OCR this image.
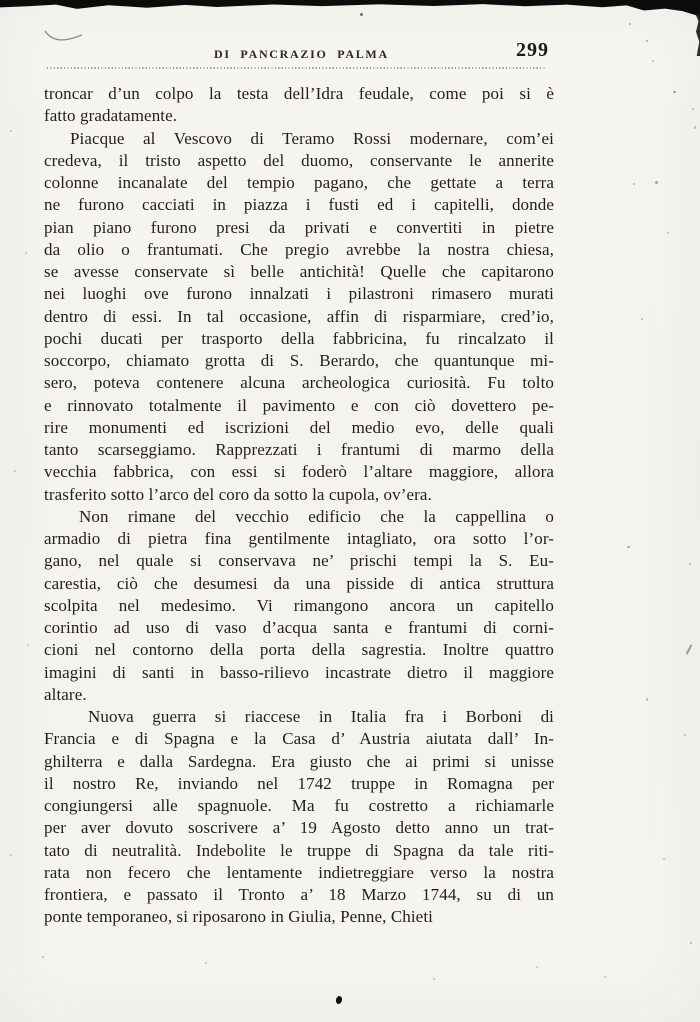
DI PANCRAZIO PALMA	299
troncar d’un colpo la testa dell’Idra feudale, come poi si è
fatto gradatamente.
Piacque al Vescovo di Teramo Rossi modernare, com’ei
credeva, il tristo aspetto del duomo, conservante le annerite
colonne incanalate del tempio pagano, che gettate a terra
ne furono cacciati in piazza i fusti ed i capitelli, donde
pian piano furono presi da privati e convertiti in pietre
da olio o frantumati. Che pregio avrebbe la nostra chiesa,
se avesse conservate sì belle antichità! Quelle che capitarono
nei luoghi ove furono innalzati i pilastroni rimasero murati
dentro di essi. In tal occasione, affin di risparmiare, cred’io,
pochi ducati per trasporto della fabbricina, fu rincalzato il
soccorpo, chiamato grotta di S. Berardo, che quantunque mi-
sero, poteva contenere alcuna archeologica curiosità. Fu tolto
e rinnovato totalmente il pavimento e con ciò dovettero pe-
rire monumenti ed iscrizioni del medio evo, delle quali
tanto scarseggiamo. Rapprezzati i frantumi di marmo della
vecchia fabbrica, con essi si foderò l’altare maggiore, allora
trasferito sotto l’arco del coro da sotto la cupola, ov’era.
Non rimane del vecchio edificio che la cappellina o
armadio di pietra fina gentilmente intagliato, ora sotto l’or-
gano, nel quale si conservava ne’ prischi tempi la S. Eu-
carestia, ciò che desumesi da una pisside di antica struttura
scolpita nel medesimo. Vi rimangono ancora un capitello
corintio ad uso di vaso d’acqua santa e frantumi di corni-
cioni nel contorno della porta della sagrestia. Inoltre quattro
imagini di santi in basso-rilievo incastrate dietro il maggiore
altare.
Nuova guerra si riaccese in Italia fra i Borboni di
Francia e di Spagna e la Casa d’ Austria aiutata dall’ In-
ghilterra e dalla Sardegna. Era giusto che ai primi si unisse
il nostro Re, inviando nel 1742 truppe in Romagna per
congiungersi alle spagnuole. Ma fu costretto a richiamarle
per aver dovuto soscrivere a’ 19 Agosto detto anno un trat-
tato di neutralità. Indebolite le truppe di Spagna da tale riti-
rata non fecero che lentamente indietreggiare verso la nostra
frontiera, e passato il Tronto a’ 18 Marzo 1744, su di un
ponte temporaneo, si riposarono in Giulia, Penne, Chieti
